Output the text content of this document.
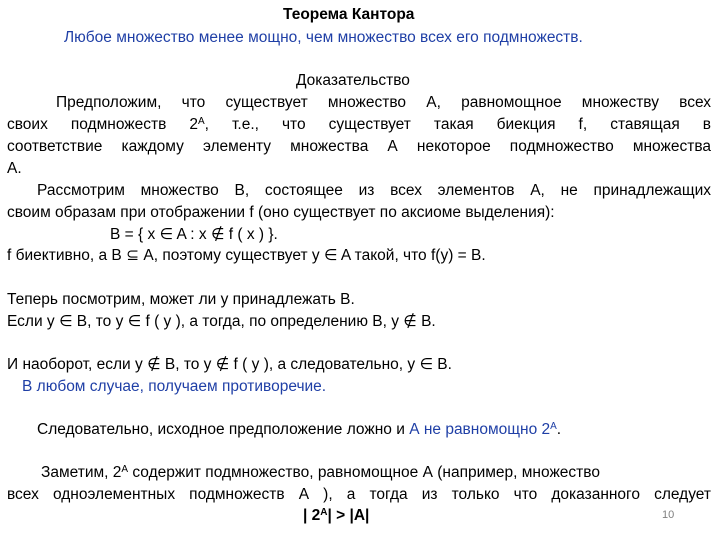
Теорема Кантора
Любое множество менее мощно, чем множество всех его подмножеств.
Доказательство
Предположим, что существует множество А, равномощное множеству всех
своих подмножеств $2^А$, т.е., что существует такая биекция f, ставящая в
соответствие каждому элементу множества А некоторое подмножество множества
А.
Рассмотрим множество В, состоящее из всех элементов А, не принадлежащих
своим образам при отображении f (оно существует по аксиоме выделения):
В = { x ∈ A : x ∉ f ( x ) }.
f биективно, а В ⊆ А, поэтому существует y ∈ A такой, что f(y) = B.
Теперь посмотрим, может ли y принадлежать В.
Если y ∈ B, то y ∈ f ( y ), а тогда, по определению В, y ∉ B.
И наоборот, если y ∉ B, то y ∉ f ( y ), а следовательно, y ∈ B.
В любом случае, получаем противоречие.
Следовательно, исходное предположение ложно и А не равномощно $2^А$.
Заметим, $2^А$ содержит подмножество, равномощное А (например, множество
всех одноэлементных подмножеств А ), а тогда из только что доказанного следует
| $2^A| > |A|$	10
